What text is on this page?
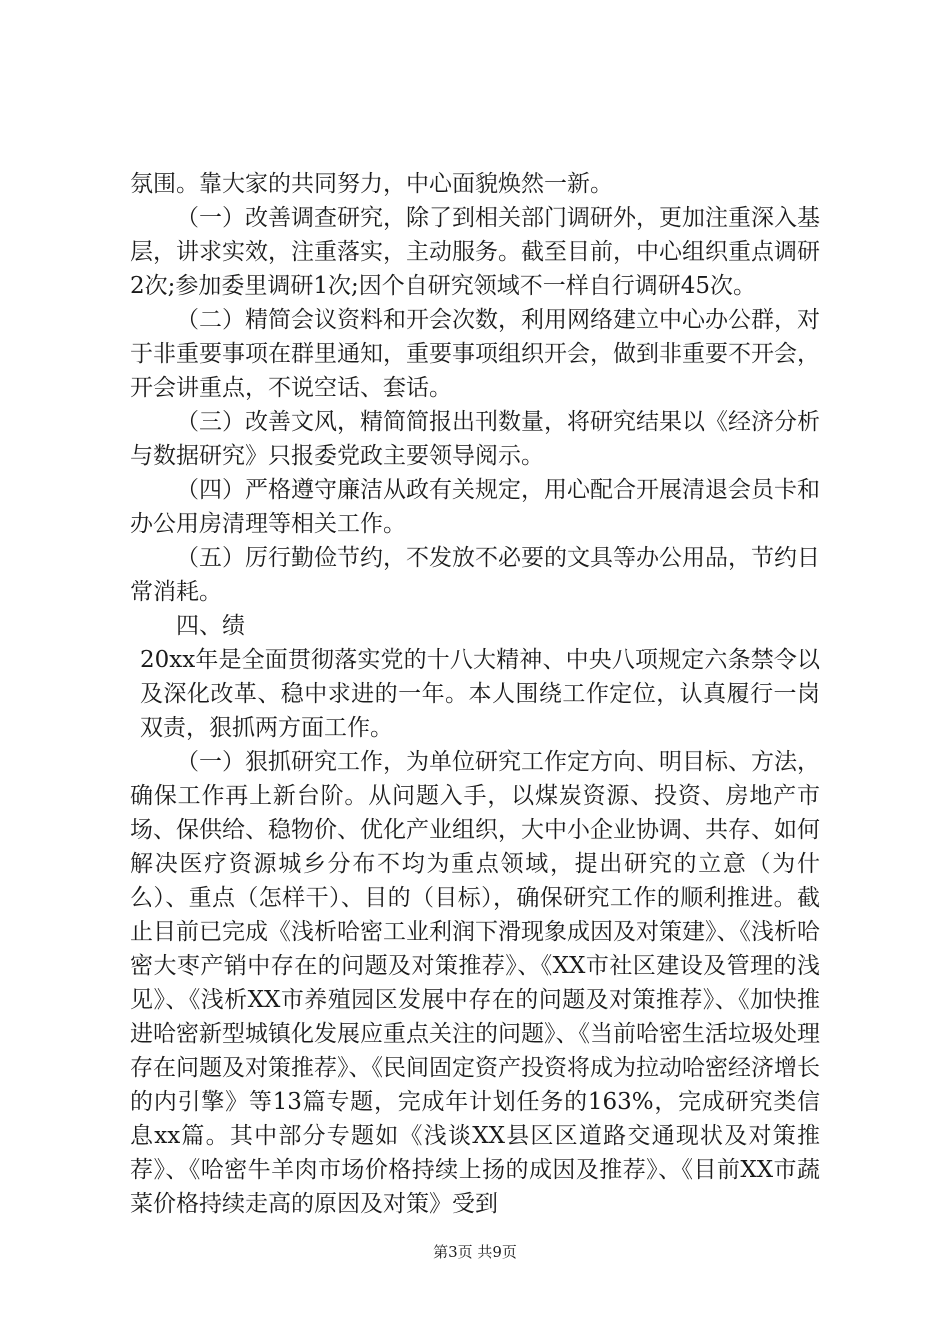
氛围。靠大家的共同努力，中心面貌焕然一新。

（一）改善调查研究，除了到相关部门调研外，更加注重深入基层，讲求实效，注重落实，主动服务。截至目前，中心组织重点调研2次;参加委里调研1次;因个自研究领域不一样自行调研45次。

（二）精简会议资料和开会次数，利用网络建立中心办公群，对于非重要事项在群里通知，重要事项组织开会，做到非重要不开会，开会讲重点，不说空话、套话。

（三）改善文风，精简简报出刊数量，将研究结果以《经济分析与数据研究》只报委党政主要领导阅示。

（四）严格遵守廉洁从政有关规定，用心配合开展清退会员卡和办公用房清理等相关工作。

（五）厉行勤俭节约，不发放不必要的文具等办公用品，节约日常消耗。

四、绩

20xx年是全面贯彻落实党的十八大精神、中央八项规定六条禁令以及深化改革、稳中求进的一年。本人围绕工作定位，认真履行一岗双责，狠抓两方面工作。

（一）狠抓研究工作，为单位研究工作定方向、明目标、方法，确保工作再上新台阶。从问题入手，以煤炭资源、投资、房地产市场、保供给、稳物价、优化产业组织，大中小企业协调、共存、如何解决医疗资源城乡分布不均为重点领域，提出研究的立意（为什么）、重点（怎样干）、目的（目标），确保研究工作的顺利推进。截止目前已完成《浅析哈密工业利润下滑现象成因及对策建》、《浅析哈密大枣产销中存在的问题及对策推荐》、《XX市社区建设及管理的浅见》、《浅析XX市养殖园区发展中存在的问题及对策推荐》、《加快推进哈密新型城镇化发展应重点关注的问题》、《当前哈密生活垃圾处理存在问题及对策推荐》、《民间固定资产投资将成为拉动哈密经济增长的内引擎》等13篇专题，完成年计划任务的163%，完成研究类信息xx篇。其中部分专题如《浅谈XX县区区道路交通现状及对策推荐》、《哈密牛羊肉市场价格持续上扬的成因及推荐》、《目前XX市蔬菜价格持续走高的原因及对策》受到

第3页 共9页
